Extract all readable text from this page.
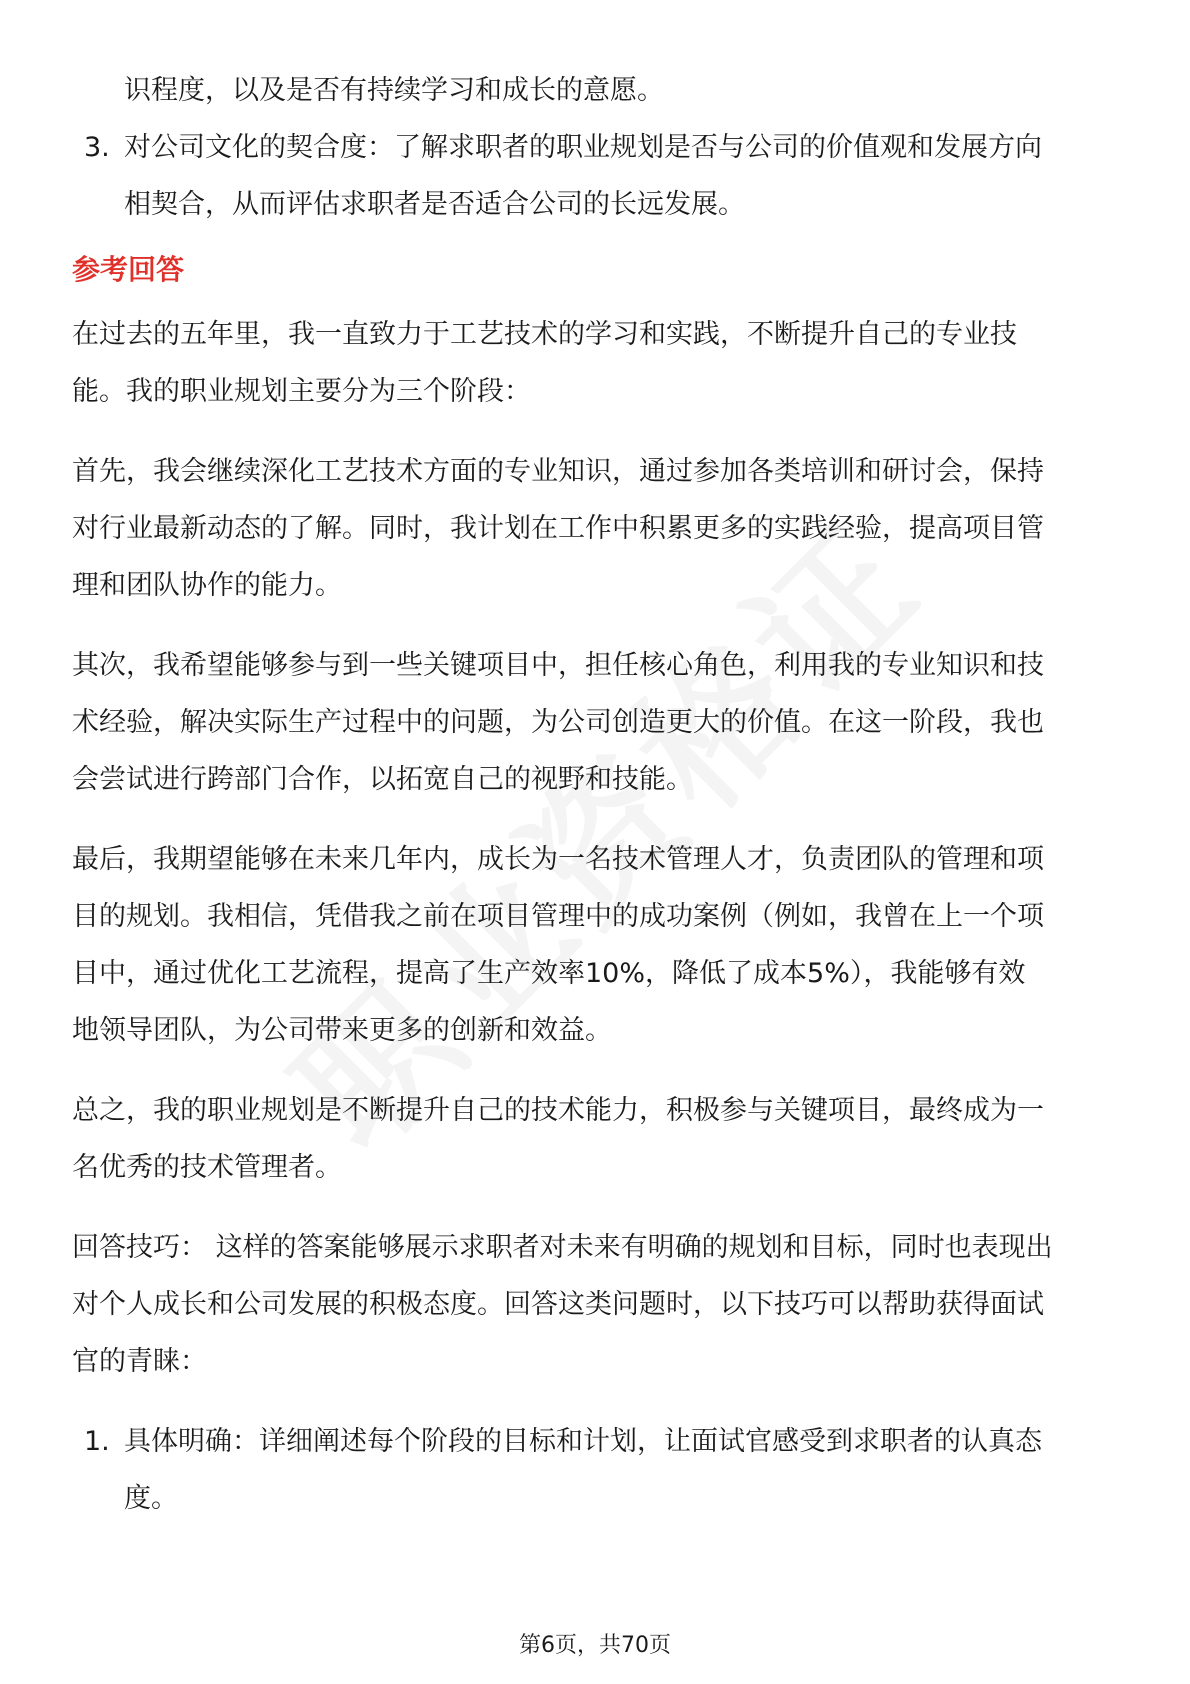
识程度，以及是否有持续学习和成长的意愿。
3. 对公司文化的契合度：了解求职者的职业规划是否与公司的价值观和发展方向
相契合，从而评估求职者是否适合公司的长远发展。
参考回答
在过去的五年里，我一直致力于工艺技术的学习和实践，不断提升自己的专业技
能。我的职业规划主要分为三个阶段：
首先，我会继续深化工艺技术方面的专业知识，通过参加各类培训和研讨会，保持
对行业最新动态的了解。同时，我计划在工作中积累更多的实践经验，提高项目管
理和团队协作的能力。
其次，我希望能够参与到一些关键项目中，担任核心角色，利用我的专业知识和技
术经验，解决实际生产过程中的问题，为公司创造更大的价值。在这一阶段，我也
会尝试进行跨部门合作，以拓宽自己的视野和技能。
最后，我期望能够在未来几年内，成长为一名技术管理人才，负责团队的管理和项
目的规划。我相信，凭借我之前在项目管理中的成功案例（例如，我曾在上一个项
目中，通过优化工艺流程，提高了生产效率10%，降低了成本5%），我能够有效
地领导团队，为公司带来更多的创新和效益。
总之，我的职业规划是不断提升自己的技术能力，积极参与关键项目，最终成为一
名优秀的技术管理者。
回答技巧： 这样的答案能够展示求职者对未来有明确的规划和目标，同时也表现出
对个人成长和公司发展的积极态度。回答这类问题时，以下技巧可以帮助获得面试
官的青睐：
1. 具体明确：详细阐述每个阶段的目标和计划，让面试官感受到求职者的认真态
度。
第6页，共70页
